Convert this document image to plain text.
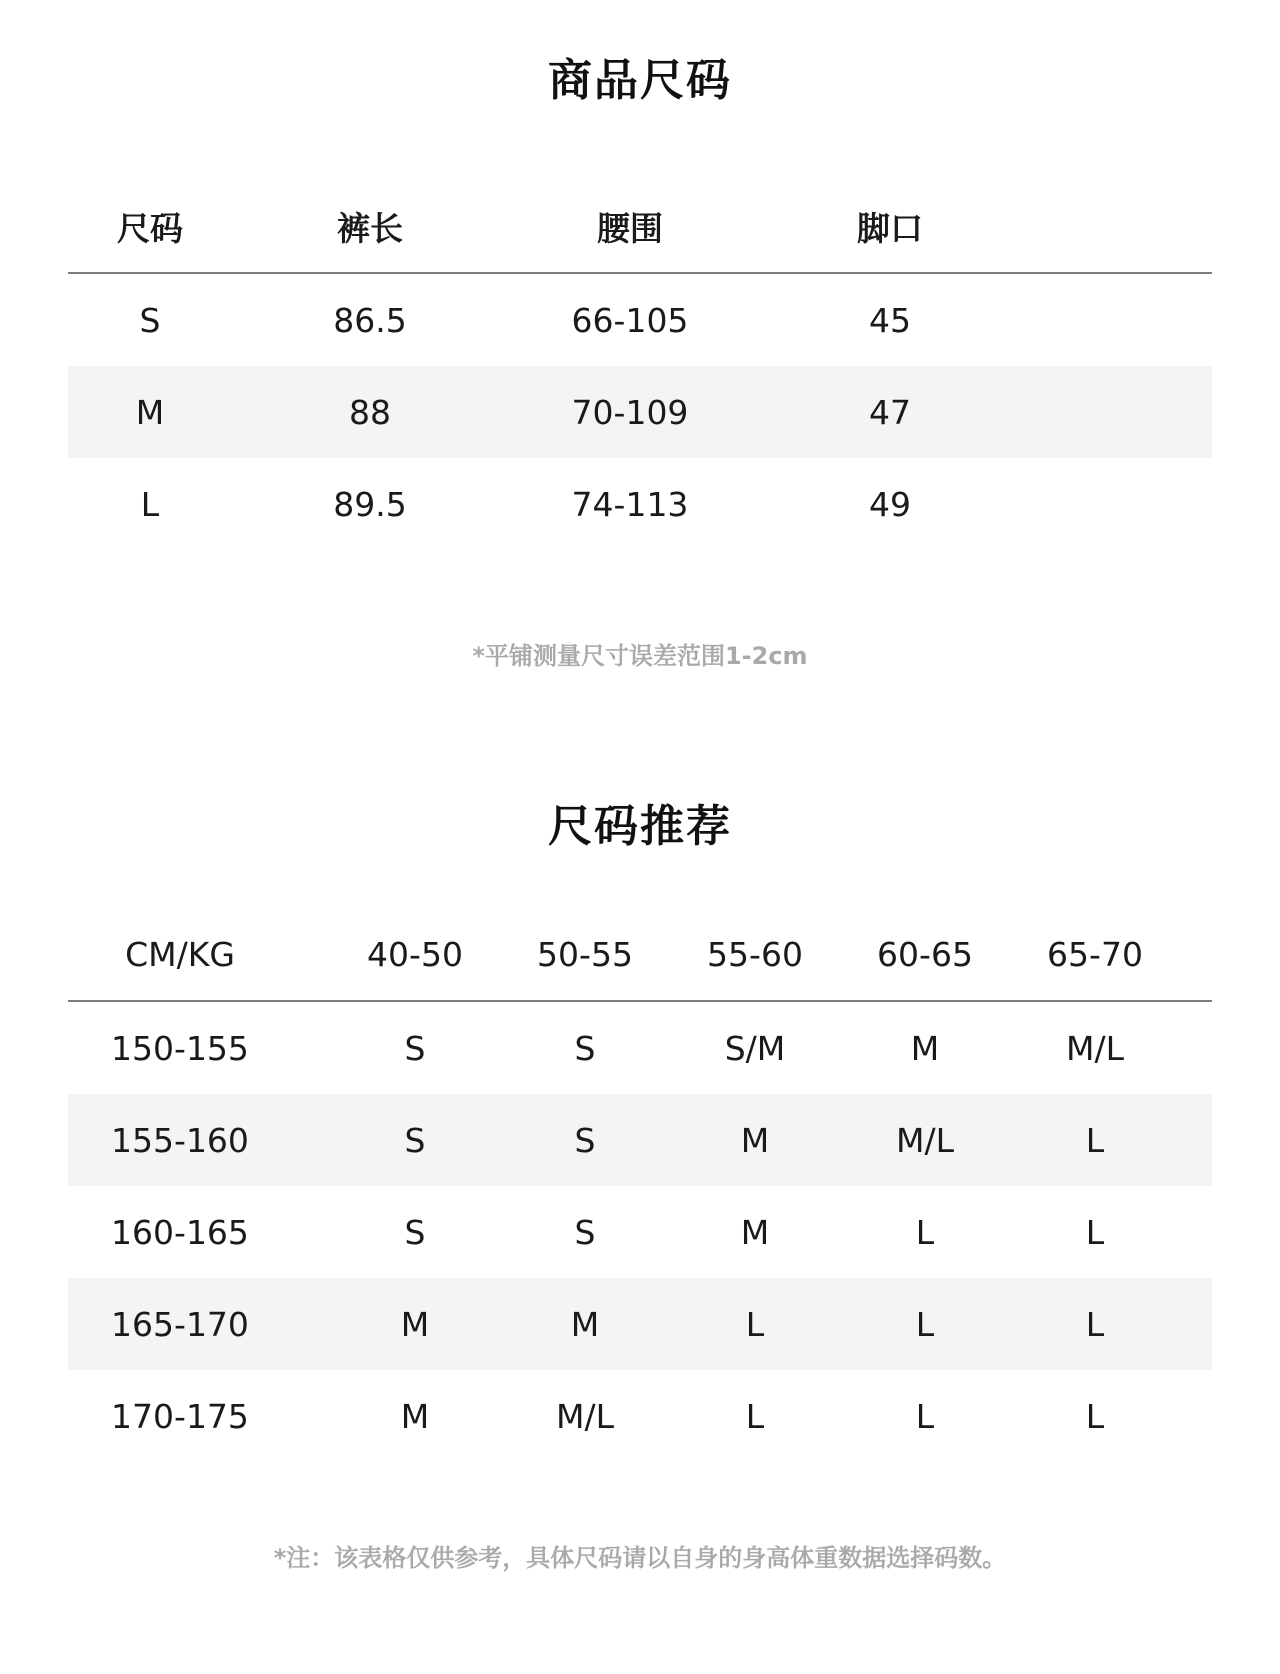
商品尺码
尺码	裤长	腰围	脚口
S	86.5	66-105	45
M	88	70-109	47
L	89.5	74-113	49
*平铺测量尺寸误差范围1-2cm
尺码推荐
CM/KG	40-50	50-55	55-60	60-65	65-70
150-155	S	S	S/M	M	M/L
155-160	S	S	M	M/L	L
160-165	S	S	M	L	L
165-170	M	M	L	L	L
170-175	M	M/L	L	L	L
*注：该表格仅供参考，具体尺码请以自身的身高体重数据选择码数。
